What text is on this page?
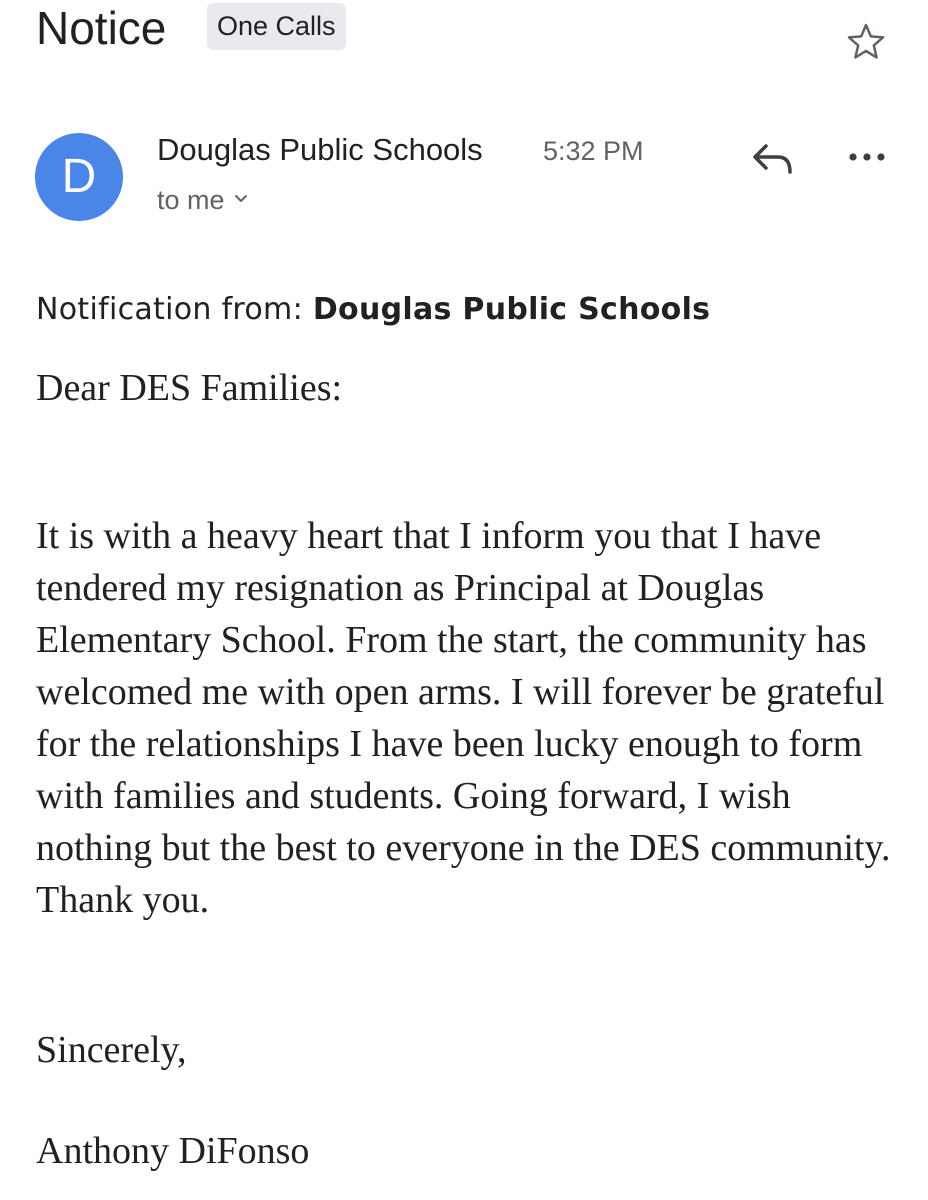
Notice	One Calls
D
Douglas Public Schools 5:32 PM
to me
Notification from: Douglas Public Schools
Dear DES Families:
It is with a heavy heart that I inform you that I have tendered my resignation as Principal at Douglas Elementary School. From the start, the community has welcomed me with open arms. I will forever be grateful for the relationships I have been lucky enough to form with families and students. Going forward, I wish nothing but the best to everyone in the DES community. Thank you.
Sincerely,
Anthony DiFonso
